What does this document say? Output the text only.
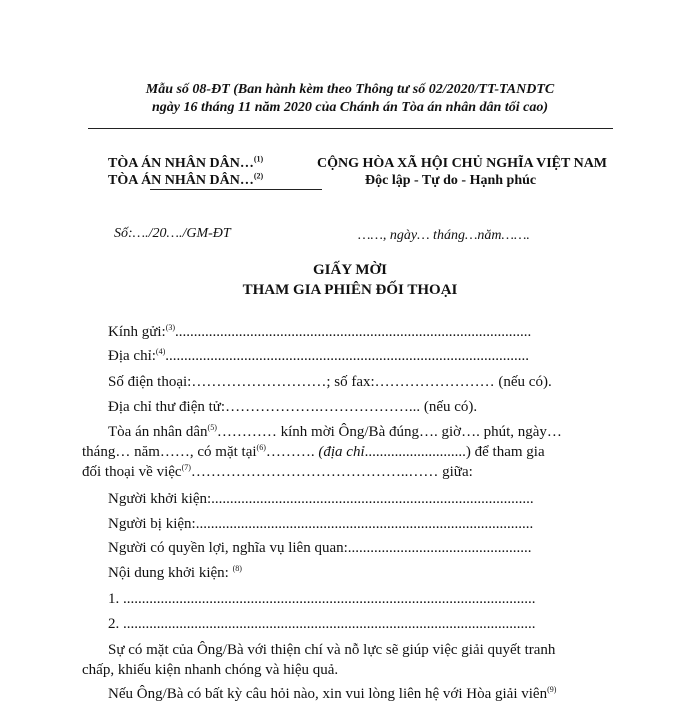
Mẫu số 08-ĐT (Ban hành kèm theo Thông tư số 02/2020/TT-TANDTC
ngày 16 tháng 11 năm 2020 của Chánh án Tòa án nhân dân tối cao)
TÒA ÁN NHÂN DÂN…$^{(1)}$
TÒA ÁN NHÂN DÂN…$^{(2)}$
CỘNG HÒA XÃ HỘI CHỦ NGHĨA VIỆT NAM
Độc lập - Tự do - Hạnh phúc
Số:…./20…./GM-ĐT	……, ngày… tháng…năm…….
GIẤY MỜI
THAM GIA PHIÊN ĐỐI THOẠI
Kính gửi:$^{(3)}$...............................................................................................
Địa chỉ:$^{(4)}$.................................................................................................
Số điện thoại:………………………; số fax:…………………… (nếu có).
Địa chỉ thư điện tử:……………….………………... (nếu có).
Tòa án nhân dân$^{(5)}$………… kính mời Ông/Bà đúng…. giờ…. phút, ngày…
tháng… năm……, có mặt tại$^{(6)}$………. (địa chỉ...........................) để tham gia
đối thoại về việc$^{(7)}$……………………………………..…… giữa:
Người khởi kiện:......................................................................................
Người bị kiện:..........................................................................................
Người có quyền lợi, nghĩa vụ liên quan:.................................................
Nội dung khởi kiện: $^{(8)}$
1. ..............................................................................................................
2. ..............................................................................................................
Sự có mặt của Ông/Bà với thiện chí và nỗ lực sẽ giúp việc giải quyết tranh
chấp, khiếu kiện nhanh chóng và hiệu quả.
Nếu Ông/Bà có bất kỳ câu hỏi nào, xin vui lòng liên hệ với Hòa giải viên$^{(9)}$
